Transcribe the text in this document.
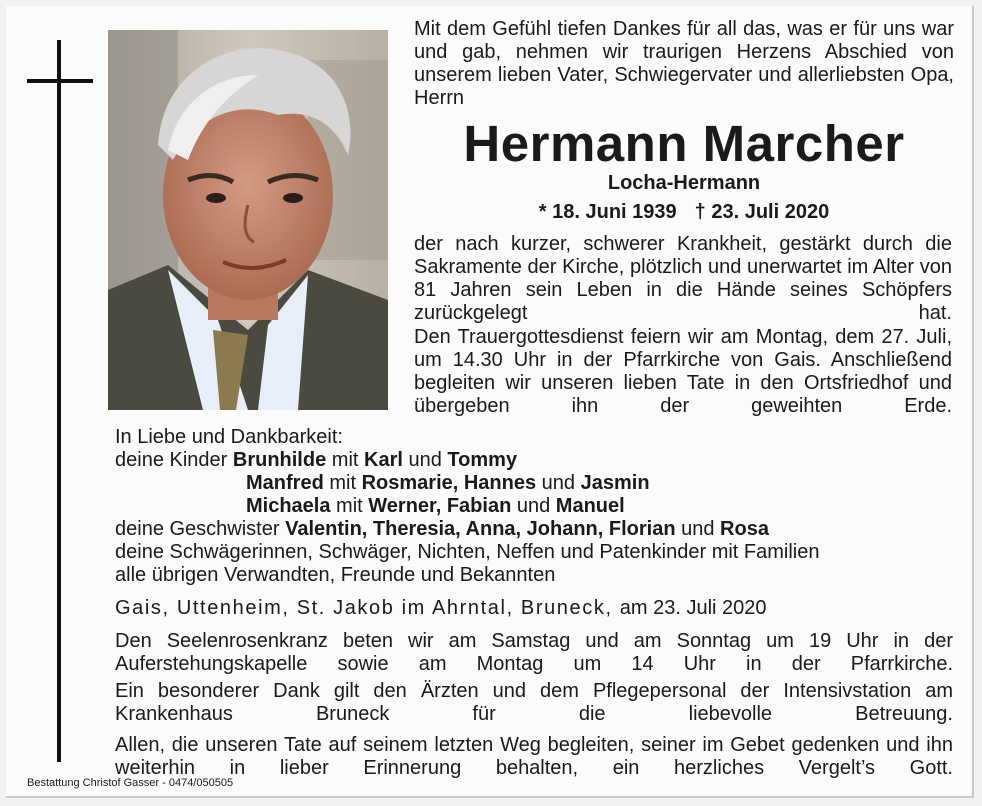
Mit dem Gefühl tiefen Dankes für all das, was er für uns war und gab, nehmen wir traurigen Herzens Abschied von unserem lieben Vater, Schwiegervater und allerliebsten Opa, Herrn
Hermann Marcher
Locha-Hermann
* 18. Juni 1939 † 23. Juli 2020
der nach kurzer, schwerer Krankheit, gestärkt durch die Sakramente der Kirche, plötzlich und unerwartet im Alter von 81 Jahren sein Leben in die Hände seines Schöpfers zurückgelegt hat.
Den Trauergottesdienst feiern wir am Montag, dem 27. Juli, um 14.30 Uhr in der Pfarrkirche von Gais. Anschließend begleiten wir unseren lieben Tate in den Ortsfriedhof und übergeben ihn der geweihten Erde.
In Liebe und Dankbarkeit:
deine Kinder Brunhilde mit Karl und Tommy
Manfred mit Rosmarie, Hannes und Jasmin
Michaela mit Werner, Fabian und Manuel
deine Geschwister Valentin, Theresia, Anna, Johann, Florian und Rosa
deine Schwägerinnen, Schwäger, Nichten, Neffen und Patenkinder mit Familien
alle übrigen Verwandten, Freunde und Bekannten
Gais, Uttenheim, St. Jakob im Ahrntal, Bruneck, am 23. Juli 2020
Den Seelenrosenkranz beten wir am Samstag und am Sonntag um 19 Uhr in der Auferstehungskapelle sowie am Montag um 14 Uhr in der Pfarrkirche.
Ein besonderer Dank gilt den Ärzten und dem Pflegepersonal der Intensivstation am Krankenhaus Bruneck für die liebevolle Betreuung.
Allen, die unseren Tate auf seinem letzten Weg begleiten, seiner im Gebet gedenken und ihn weiterhin in lieber Erinnerung behalten, ein herzliches Vergelt’s Gott.
Bestattung Christof Gasser - 0474/050505
